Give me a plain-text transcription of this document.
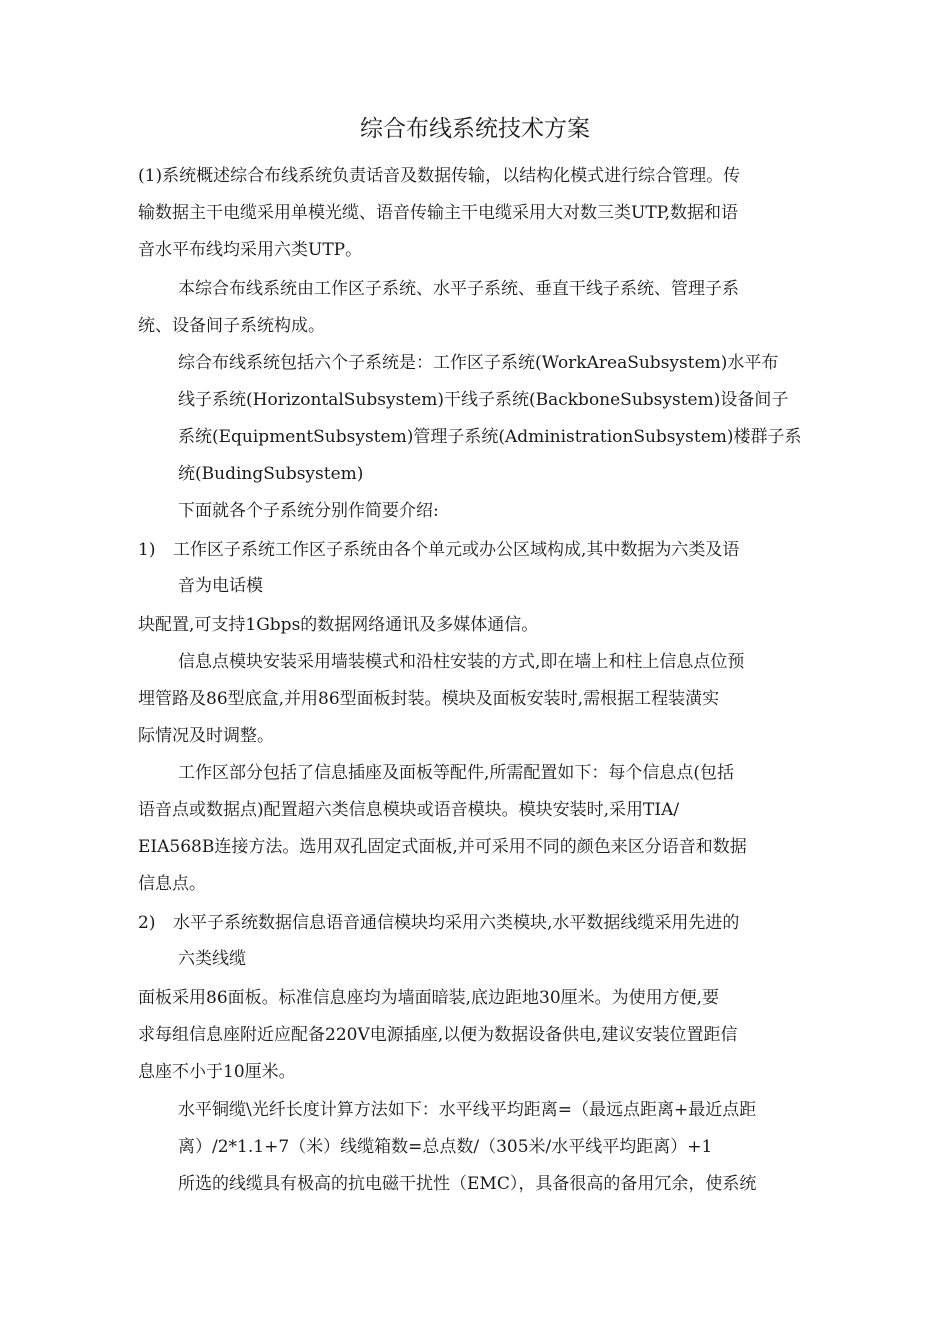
综合布线系统技术方案
(1)系统概述综合布线系统负责话音及数据传输，以结构化模式进行综合管理。传
输数据主干电缆采用单模光缆、语音传输主干电缆采用大对数三类UTP,数据和语
音水平布线均采用六类UTP。
本综合布线系统由工作区子系统、水平子系统、垂直干线子系统、管理子系
统、设备间子系统构成。
综合布线系统包括六个子系统是：工作区子系统(WorkAreaSubsystem)水平布
线子系统(HorizontalSubsystem)干线子系统(BackboneSubsystem)设备间子
系统(EquipmentSubsystem)管理子系统(AdministrationSubsystem)楼群子系
统(BudingSubsystem)
下面就各个子系统分别作简要介绍:
1) 工作区子系统工作区子系统由各个单元或办公区域构成,其中数据为六类及语
音为电话模
块配置,可支持1Gbps的数据网络通讯及多媒体通信。
信息点模块安装采用墙装模式和沿柱安装的方式,即在墙上和柱上信息点位预
埋管路及86型底盒,并用86型面板封装。模块及面板安装时,需根据工程装潢实
际情况及时调整。
工作区部分包括了信息插座及面板等配件,所需配置如下：每个信息点(包括
语音点或数据点)配置超六类信息模块或语音模块。模块安装时,采用TIA/
EIA568B连接方法。选用双孔固定式面板,并可采用不同的颜色来区分语音和数据
信息点。
2) 水平子系统数据信息语音通信模块均采用六类模块,水平数据线缆采用先进的
六类线缆
面板采用86面板。标准信息座均为墙面暗装,底边距地30厘米。为使用方便,要
求每组信息座附近应配备220V电源插座,以便为数据设备供电,建议安装位置距信
息座不小于10厘米。
水平铜缆\光纤长度计算方法如下：水平线平均距离=（最远点距离+最近点距
离）/2*1.1+7（米）线缆箱数=总点数/（305米/水平线平均距离）+1
所选的线缆具有极高的抗电磁干扰性（EMC），具备很高的备用冗余，使系统
